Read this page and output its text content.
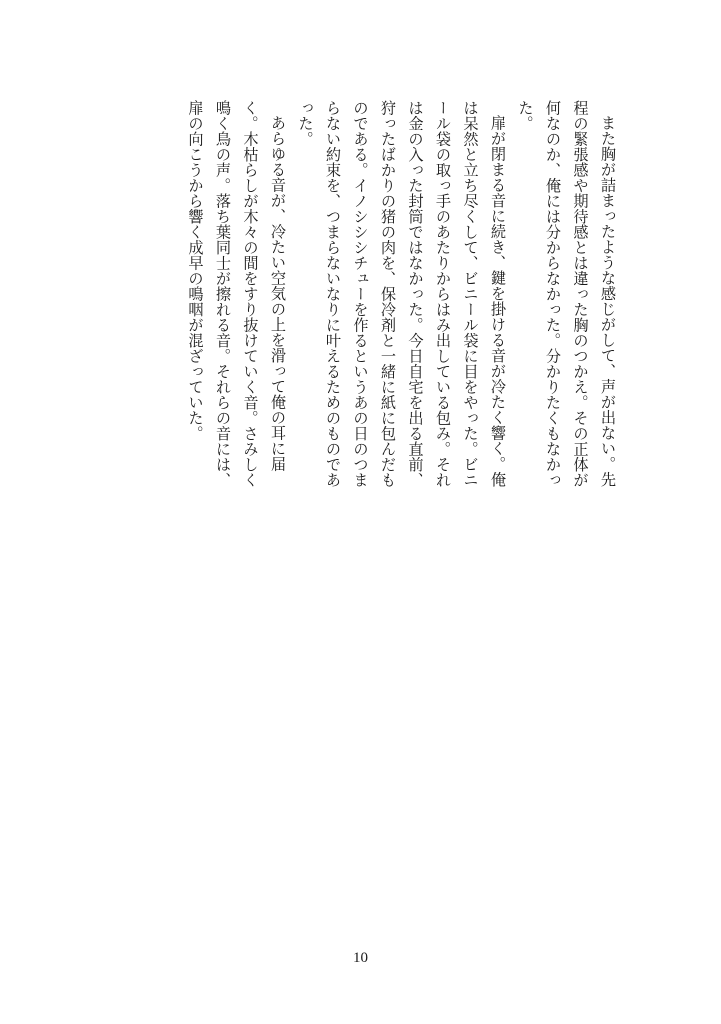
また胸が詰まったような感じがして、声が出ない。先程の緊張感や期待感とは違った胸のつかえ。その正体が何なのか、俺には分からなかった。分かりたくもなかった。

扉が閉まる音に続き、鍵を掛ける音が冷たく響く。俺は呆然と立ち尽くして、ビニール袋に目をやった。ビニール袋の取っ手のあたりからはみ出している包み。それは金の入った封筒ではなかった。今日自宅を出る直前、狩ったばかりの猪の肉を、保冷剤と一緒に紙に包んだものである。イノシシシチューを作るというあの日のつまらない約束を、つまらないなりに叶えるためのものであった。

あらゆる音が、冷たい空気の上を滑って俺の耳に届く。木枯らしが木々の間をすり抜けていく音。さみしく鳴く鳥の声。落ち葉同士が擦れる音。それらの音には、扉の向こうから響く成早の鳴咽が混ざっていた。

10
